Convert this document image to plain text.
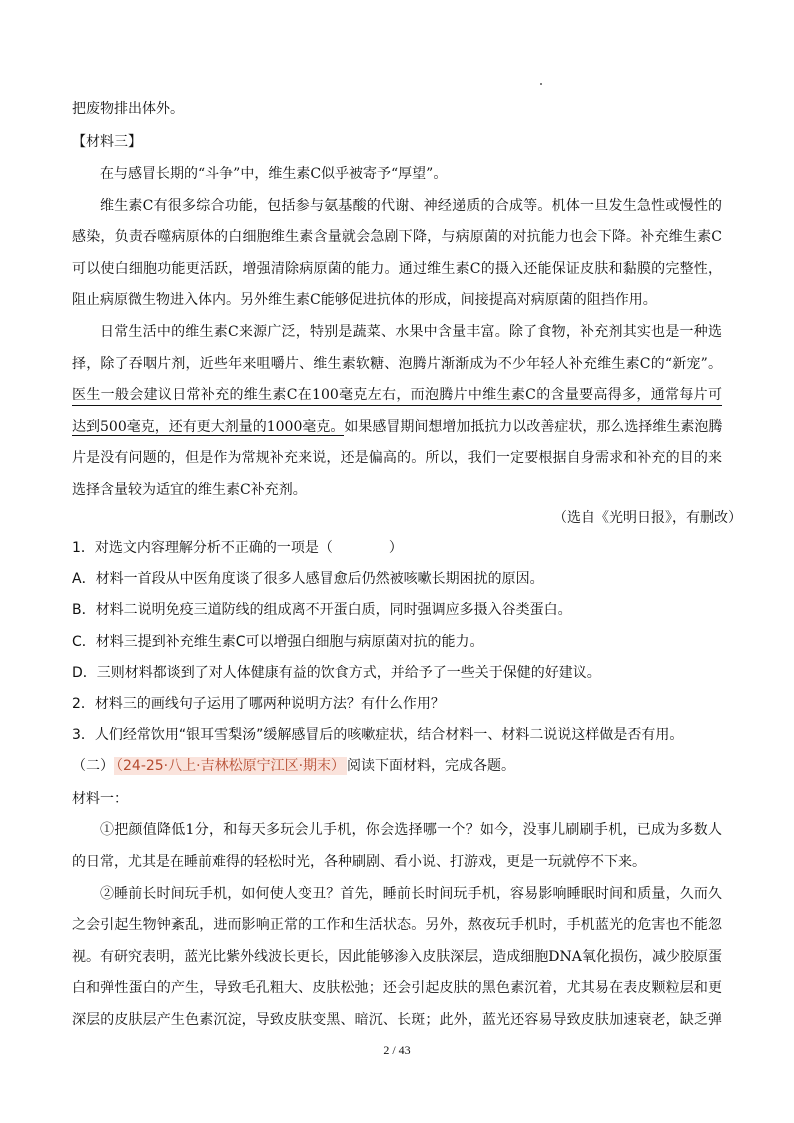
把废物排出体外。
【材料三】
在与感冒长期的“斗争”中，维生素C似乎被寄予“厚望”。
维生素C有很多综合功能，包括参与氨基酸的代谢、神经递质的合成等。机体一旦发生急性或慢性的
感染，负责吞噬病原体的白细胞维生素含量就会急剧下降，与病原菌的对抗能力也会下降。补充维生素C
可以使白细胞功能更活跃，增强清除病原菌的能力。通过维生素C的摄入还能保证皮肤和黏膜的完整性，
阻止病原微生物进入体内。另外维生素C能够促进抗体的形成，间接提高对病原菌的阻挡作用。
日常生活中的维生素C来源广泛，特别是蔬菜、水果中含量丰富。除了食物，补充剂其实也是一种选
择，除了吞咽片剂，近些年来咀嚼片、维生素软糖、泡腾片渐渐成为不少年轻人补充维生素C的“新宠”。
医生一般会建议日常补充的维生素C在100毫克左右，而泡腾片中维生素C的含量要高得多，通常每片可
达到500毫克，还有更大剂量的1000毫克。如果感冒期间想增加抵抗力以改善症状，那么选择维生素泡腾
片是没有问题的，但是作为常规补充来说，还是偏高的。所以，我们一定要根据自身需求和补充的目的来
选择含量较为适宜的维生素C补充剂。
（选自《光明日报》，有删改）
1．对选文内容理解分析不正确的一项是（　　　　）
A．材料一首段从中医角度谈了很多人感冒愈后仍然被咳嗽长期困扰的原因。
B．材料二说明免疫三道防线的组成离不开蛋白质，同时强调应多摄入谷类蛋白。
C．材料三提到补充维生素C可以增强白细胞与病原菌对抗的能力。
D．三则材料都谈到了对人体健康有益的饮食方式，并给予了一些关于保健的好建议。
2．材料三的画线句子运用了哪两种说明方法？有什么作用？
3．人们经常饮用“银耳雪梨汤”缓解感冒后的咳嗽症状，结合材料一、材料二说说这样做是否有用。
（二） （24-25·八上·吉林松原宁江区·期末） 阅读下面材料，完成各题。
材料一：
①把颜值降低1分，和每天多玩会儿手机，你会选择哪一个？如今，没事儿刷刷手机，已成为多数人
的日常，尤其是在睡前难得的轻松时光，各种刷剧、看小说、打游戏，更是一玩就停不下来。
②睡前长时间玩手机，如何使人变丑？首先，睡前长时间玩手机，容易影响睡眠时间和质量，久而久
之会引起生物钟紊乱，进而影响正常的工作和生活状态。另外，熬夜玩手机时，手机蓝光的危害也不能忽
视。有研究表明，蓝光比紫外线波长更长，因此能够渗入皮肤深层，造成细胞DNA氧化损伤，减少胶原蛋
白和弹性蛋白的产生，导致毛孔粗大、皮肤松弛；还会引起皮肤的黑色素沉着，尤其易在表皮颗粒层和更
深层的皮肤层产生色素沉淀，导致皮肤变黑、暗沉、长斑；此外，蓝光还容易导致皮肤加速衰老，缺乏弹
2 / 43
